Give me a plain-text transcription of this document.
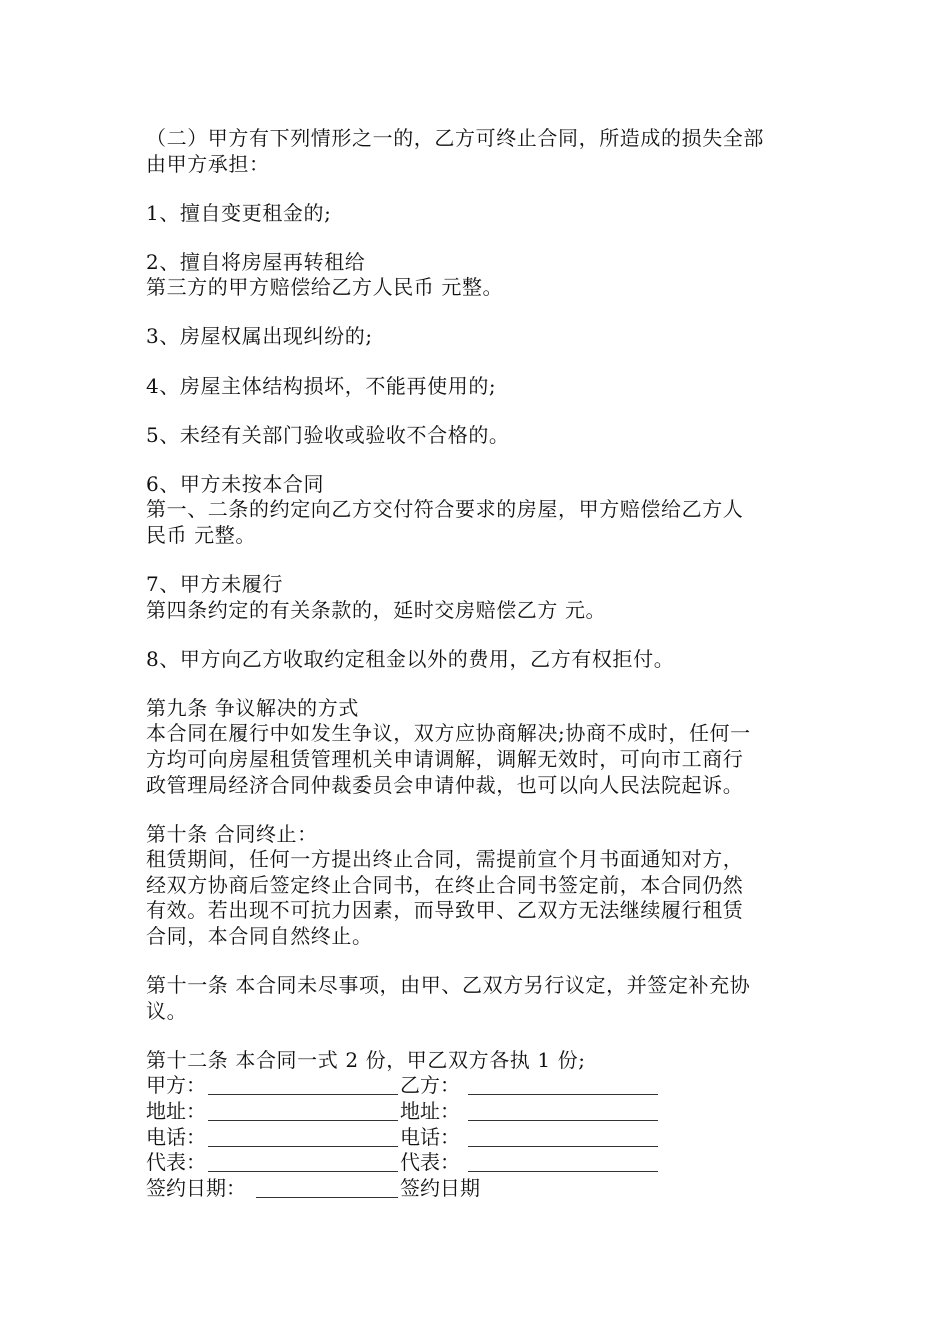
（二）甲方有下列情形之一的，乙方可终止合同，所造成的损失全部
由甲方承担：
1、擅自变更租金的;
2、擅自将房屋再转租给
第三方的甲方赔偿给乙方人民币 元整。
3、房屋权属出现纠纷的;
4、房屋主体结构损坏，不能再使用的;
5、未经有关部门验收或验收不合格的。
6、甲方未按本合同
第一、二条的约定向乙方交付符合要求的房屋，甲方赔偿给乙方人
民币 元整。
7、甲方未履行
第四条约定的有关条款的，延时交房赔偿乙方 元。
8、甲方向乙方收取约定租金以外的费用，乙方有权拒付。
第九条 争议解决的方式
本合同在履行中如发生争议，双方应协商解决;协商不成时，任何一
方均可向房屋租赁管理机关申请调解，调解无效时，可向市工商行
政管理局经济合同仲裁委员会申请仲裁，也可以向人民法院起诉。
第十条 合同终止：
租赁期间，任何一方提出终止合同，需提前宣个月书面通知对方，
经双方协商后签定终止合同书，在终止合同书签定前，本合同仍然
有效。若出现不可抗力因素，而导致甲、乙双方无法继续履行租赁
合同，本合同自然终止。
第十一条 本合同未尽事项，由甲、乙双方另行议定，并签定补充协
议。
第十二条 本合同一式 2 份，甲乙双方各执 1 份;
甲方：	乙方：
地址：	地址：
电话：	电话：
代表：	代表：
签约日期：	签约日期
